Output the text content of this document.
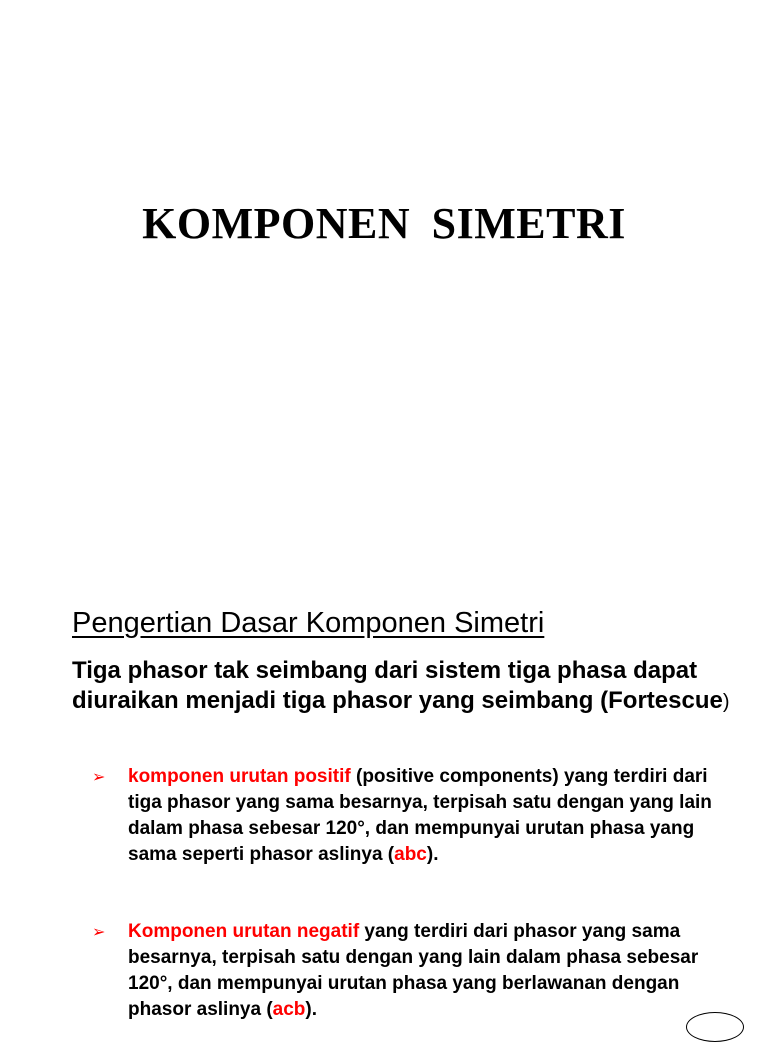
KOMPONEN SIMETRI
Pengertian Dasar Komponen Simetri
Tiga phasor tak seimbang dari sistem tiga phasa dapat diuraikan menjadi tiga phasor yang seimbang (Fortescue)
➢ komponen urutan positif (positive components) yang terdiri dari tiga phasor yang sama besarnya, terpisah satu dengan yang lain dalam phasa sebesar 120°, dan mempunyai urutan phasa yang sama seperti phasor aslinya (abc).
➢ Komponen urutan negatif yang terdiri dari phasor yang sama besarnya, terpisah satu dengan yang lain dalam phasa sebesar 120°, dan mempunyai urutan phasa yang berlawanan dengan phasor aslinya (acb).
